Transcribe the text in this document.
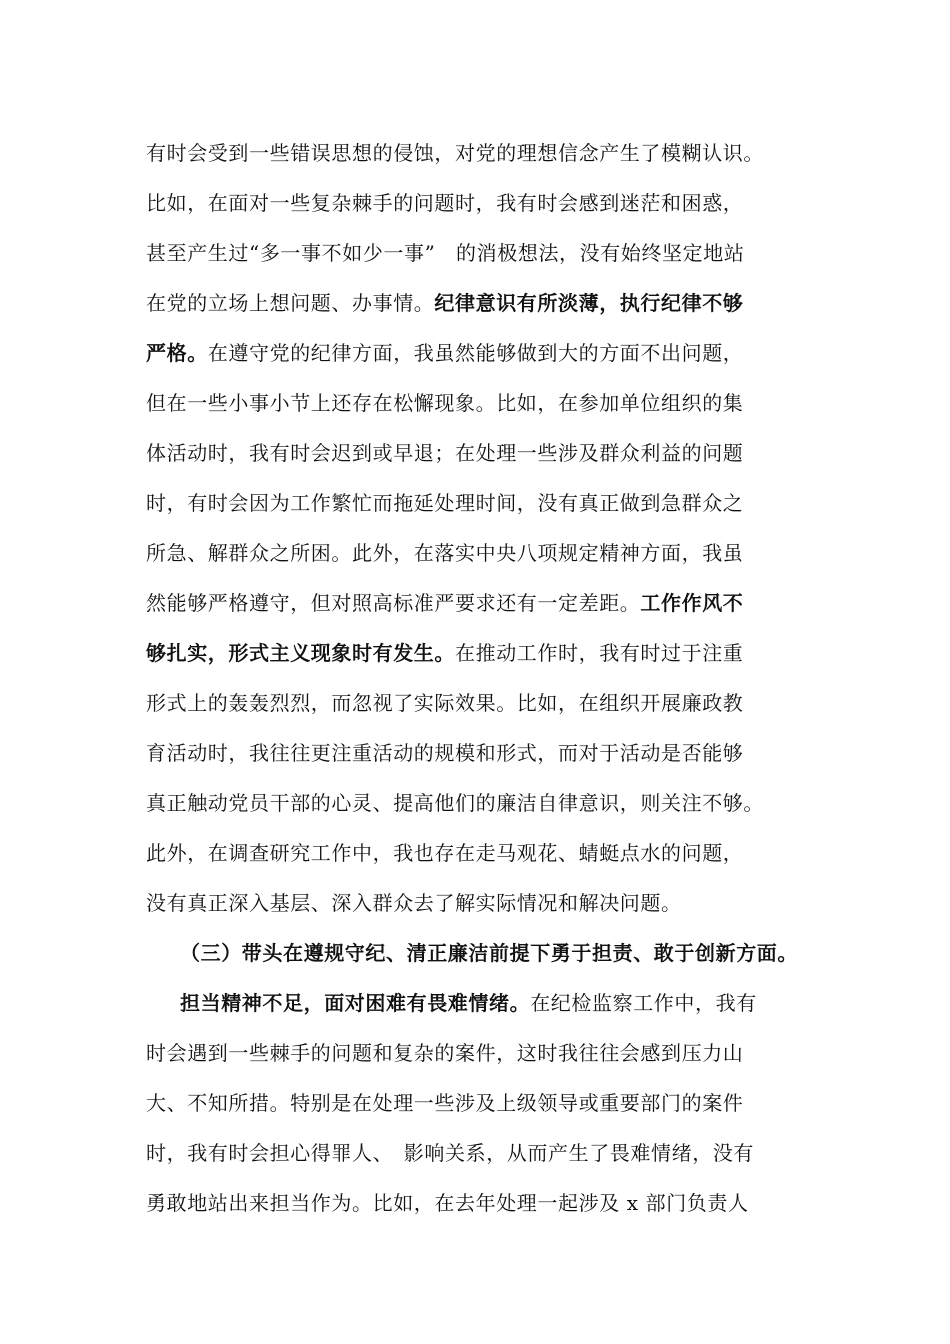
有时会受到一些错误思想的侵蚀，对党的理想信念产生了模糊认识。
比如，在面对一些复杂棘手的问题时，我有时会感到迷茫和困惑，
甚至产生过“多一事不如少一事”　的消极想法，没有始终坚定地站
在党的立场上想问题、办事情。纪律意识有所淡薄，执行纪律不够
严格。在遵守党的纪律方面，我虽然能够做到大的方面不出问题，
但在一些小事小节上还存在松懈现象。比如，在参加单位组织的集
体活动时，我有时会迟到或早退；在处理一些涉及群众利益的问题
时，有时会因为工作繁忙而拖延处理时间，没有真正做到急群众之
所急、解群众之所困。此外，在落实中央八项规定精神方面，我虽
然能够严格遵守，但对照高标准严要求还有一定差距。工作作风不
够扎实，形式主义现象时有发生。在推动工作时，我有时过于注重
形式上的轰轰烈烈，而忽视了实际效果。比如，在组织开展廉政教
育活动时，我往往更注重活动的规模和形式，而对于活动是否能够
真正触动党员干部的心灵、提高他们的廉洁自律意识，则关注不够。
此外，在调查研究工作中，我也存在走马观花、蜻蜓点水的问题，
没有真正深入基层、深入群众去了解实际情况和解决问题。
（三）带头在遵规守纪、清正廉洁前提下勇于担责、敢于创新方面。
担当精神不足，面对困难有畏难情绪。在纪检监察工作中，我有
时会遇到一些棘手的问题和复杂的案件，这时我往往会感到压力山
大、不知所措。特别是在处理一些涉及上级领导或重要部门的案件
时，我有时会担心得罪人、　影响关系，从而产生了畏难情绪，没有
勇敢地站出来担当作为。比如，在去年处理一起涉及 x 部门负责人
